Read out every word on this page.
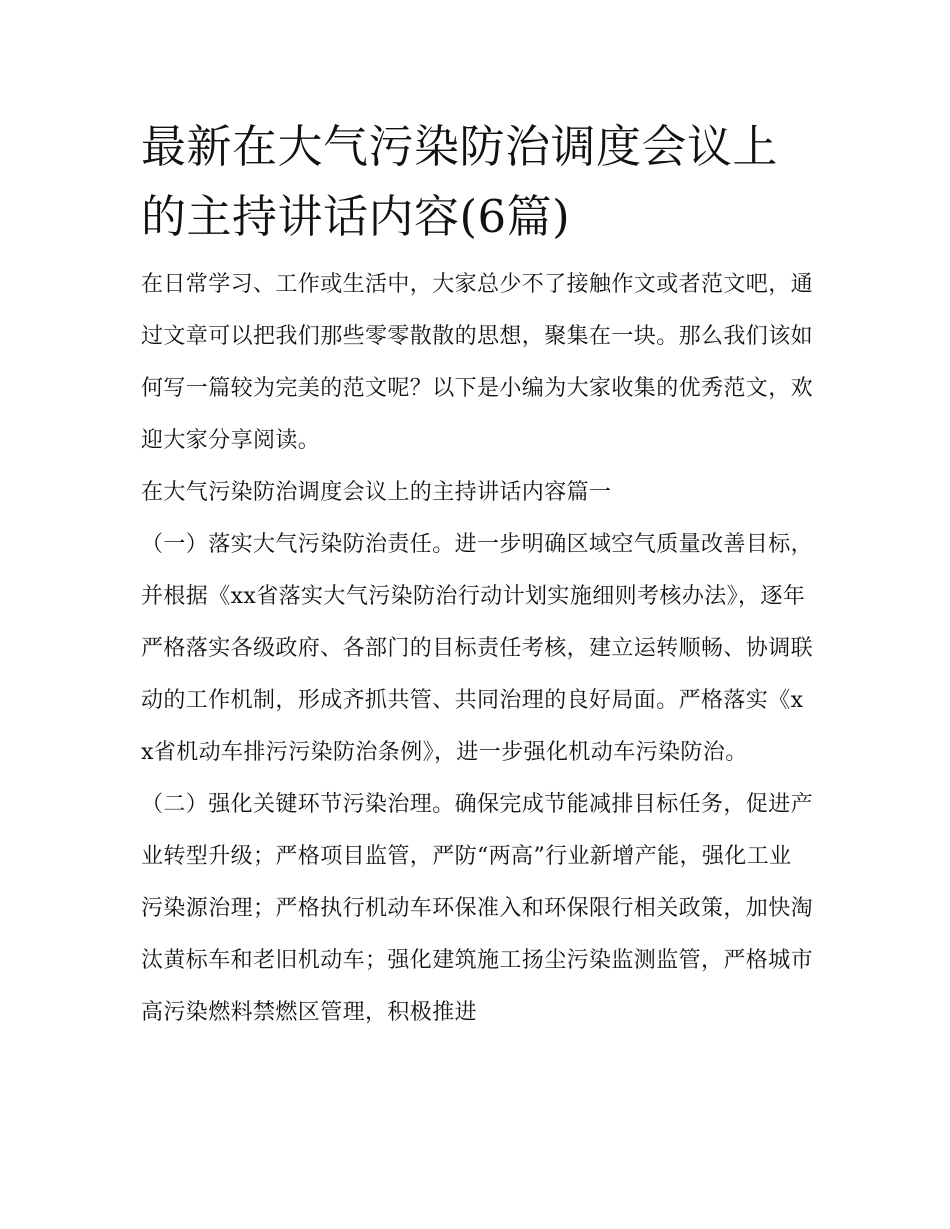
最新在大气污染防治调度会议上的主持讲话内容(6篇)

在日常学习、工作或生活中，大家总少不了接触作文或者范文吧，通过文章可以把我们那些零零散散的思想，聚集在一块。那么我们该如何写一篇较为完美的范文呢？以下是小编为大家收集的优秀范文，欢迎大家分享阅读。

在大气污染防治调度会议上的主持讲话内容篇一

（一）落实大气污染防治责任。进一步明确区域空气质量改善目标，并根据《xx省落实大气污染防治行动计划实施细则考核办法》，逐年严格落实各级政府、各部门的目标责任考核，建立运转顺畅、协调联动的工作机制，形成齐抓共管、共同治理的良好局面。严格落实《xx省机动车排污污染防治条例》，进一步强化机动车污染防治。

（二）强化关键环节污染治理。确保完成节能减排目标任务，促进产业转型升级；严格项目监管，严防“两高”行业新增产能，强化工业污染源治理；严格执行机动车环保准入和环保限行相关政策，加快淘汰黄标车和老旧机动车；强化建筑施工扬尘污染监测监管，严格城市高污染燃料禁燃区管理，积极推进
